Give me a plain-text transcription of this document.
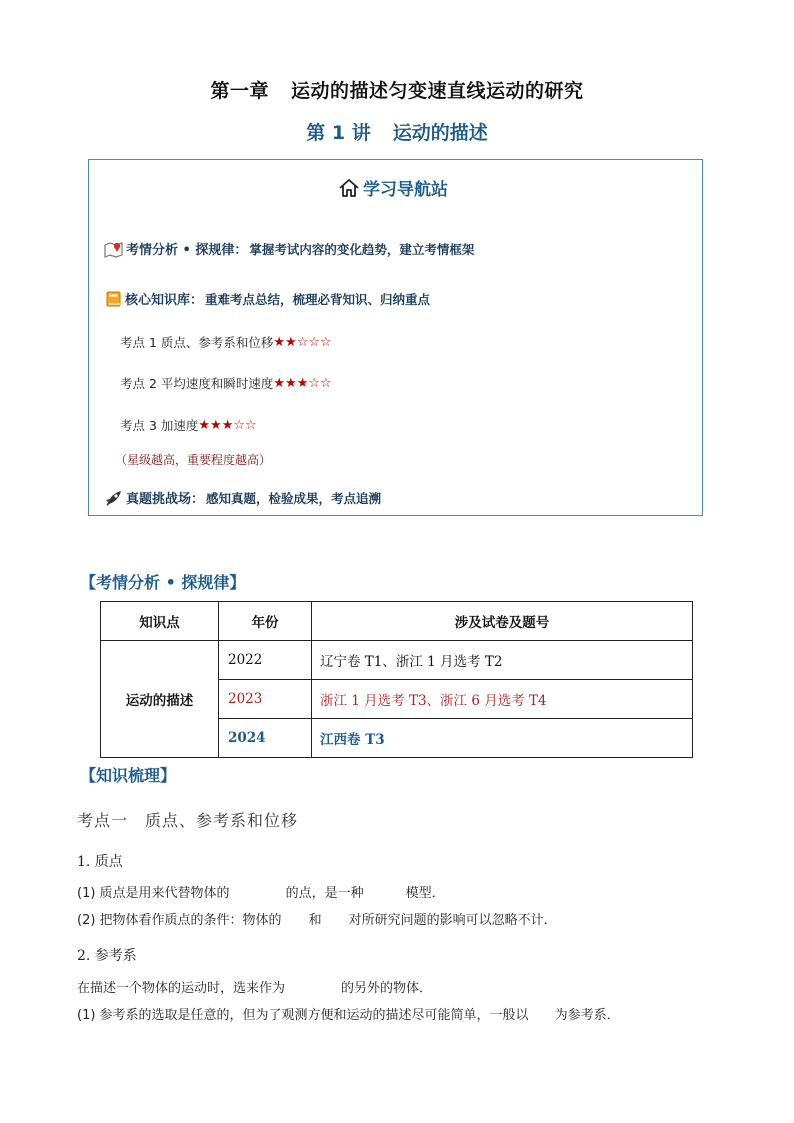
第一章 运动的描述匀变速直线运动的研究
第 1 讲 运动的描述
学习导航站
考情分析 • 探规律： 掌握考试内容的变化趋势，建立考情框架
核心知识库： 重难考点总结，梳理必背知识、归纳重点
考点 1 质点、参考系和位移 ★★☆☆☆
考点 2 平均速度和瞬时速度 ★★★☆☆
考点 3 加速度 ★★★☆☆
（星级越高，重要程度越高）
真题挑战场： 感知真题，检验成果，考点追溯
【考情分析 • 探规律】
知识点	年份	涉及试卷及题号
运动的描述	2022	辽宁卷 T1、浙江 1 月选考 T2
	2023	浙江 1 月选考 T3、浙江 6 月选考 T4
	2024	江西卷 T3
【知识梳理】
考点一　质点、参考系和位移
1. 质点
(1) 质点是用来代替物体的	的点，是一种	模型．
(2) 把物体看作质点的条件：物体的 和 对所研究问题的影响可以忽略不计．
2. 参考系
在描述一个物体的运动时，选来作为	的另外的物体．
(1) 参考系的选取是任意的，但为了观测方便和运动的描述尽可能简单，一般以 为参考系．
